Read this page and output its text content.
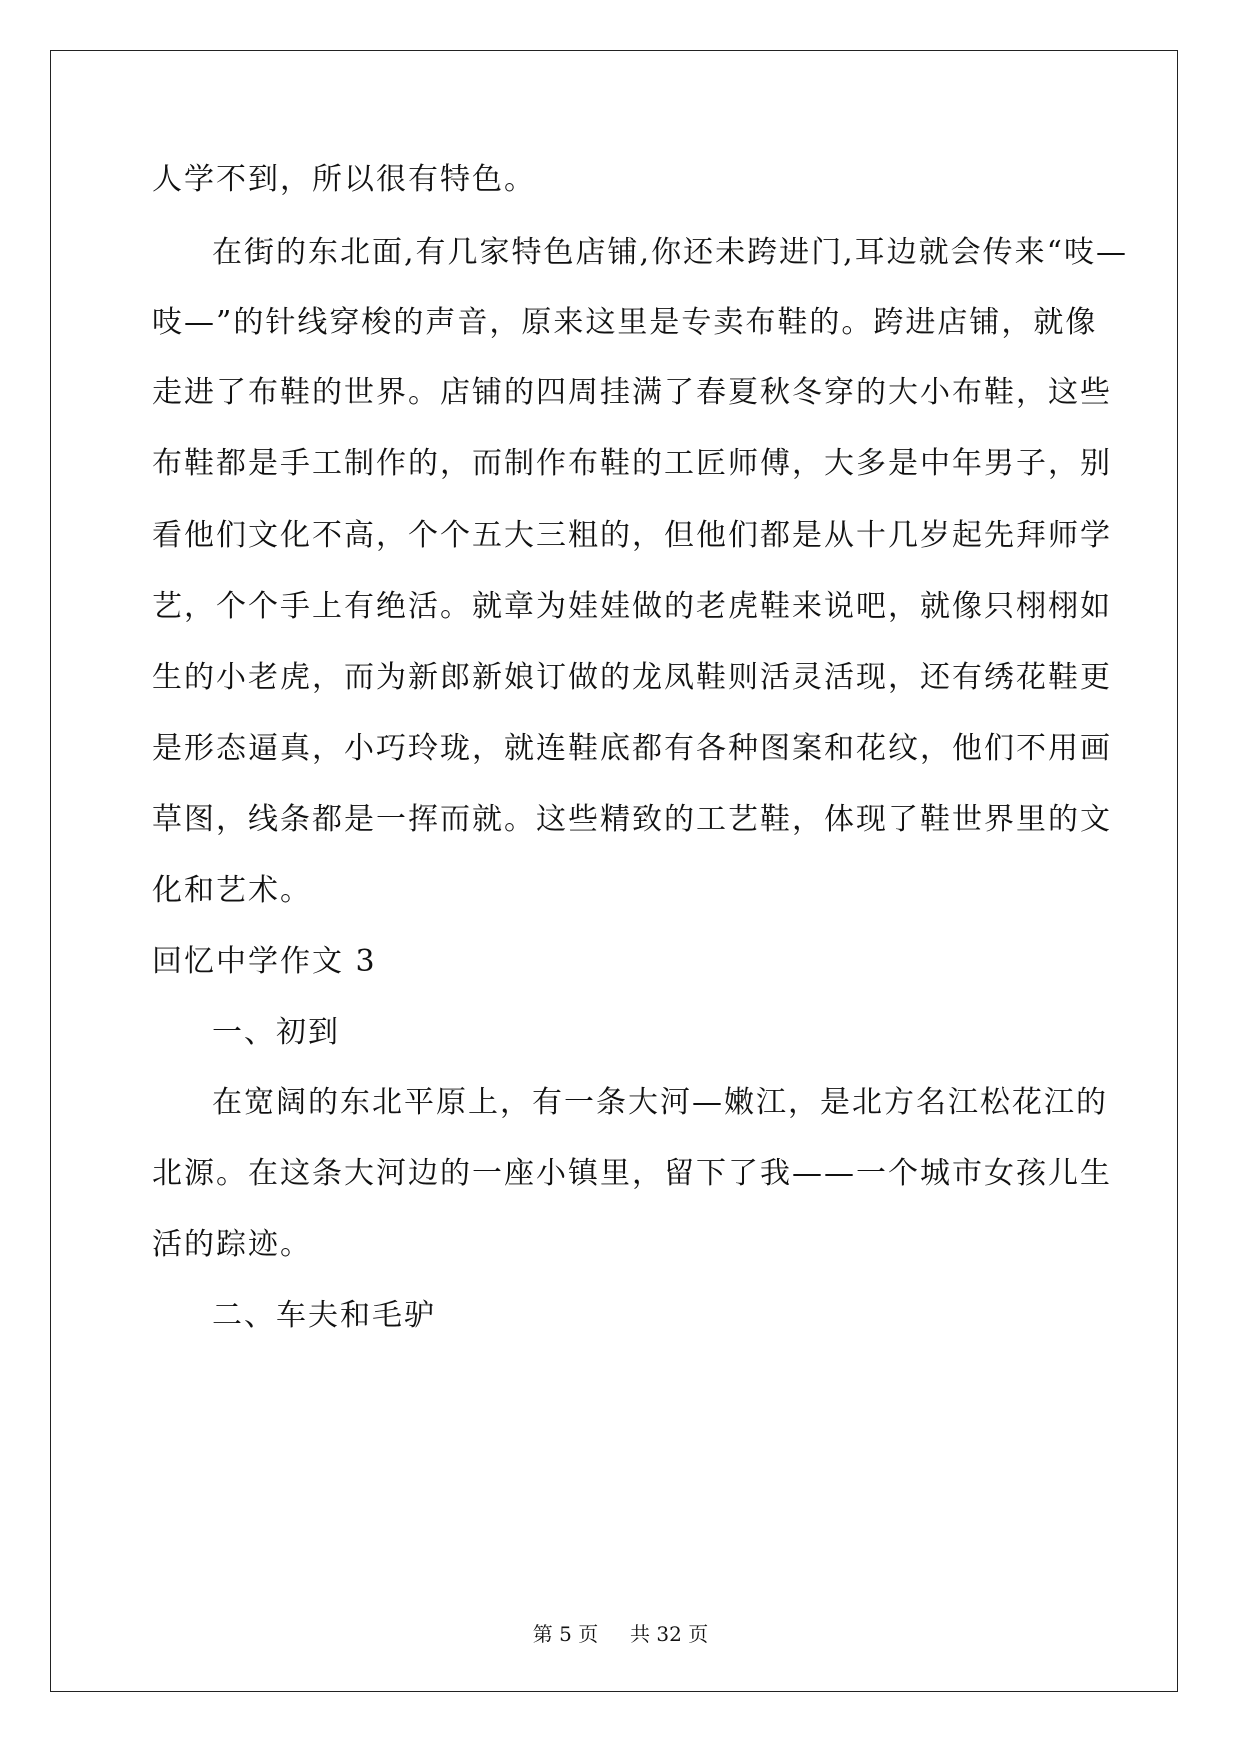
人学不到，所以很有特色。
在街的东北面,有几家特色店铺,你还未跨进门,耳边就会传来“吱—
吱—”的针线穿梭的声音，原来这里是专卖布鞋的。跨进店铺，就像
走进了布鞋的世界。店铺的四周挂满了春夏秋冬穿的大小布鞋，这些
布鞋都是手工制作的，而制作布鞋的工匠师傅，大多是中年男子，别
看他们文化不高，个个五大三粗的，但他们都是从十几岁起先拜师学
艺，个个手上有绝活。就章为娃娃做的老虎鞋来说吧，就像只栩栩如
生的小老虎，而为新郎新娘订做的龙凤鞋则活灵活现，还有绣花鞋更
是形态逼真，小巧玲珑，就连鞋底都有各种图案和花纹，他们不用画
草图，线条都是一挥而就。这些精致的工艺鞋，体现了鞋世界里的文
化和艺术。
回忆中学作文 3
一、初到
在宽阔的东北平原上，有一条大河—嫩江，是北方名江松花江的
北源。在这条大河边的一座小镇里，留下了我——一个城市女孩儿生
活的踪迹。
二、车夫和毛驴
第 5 页 共 32 页
